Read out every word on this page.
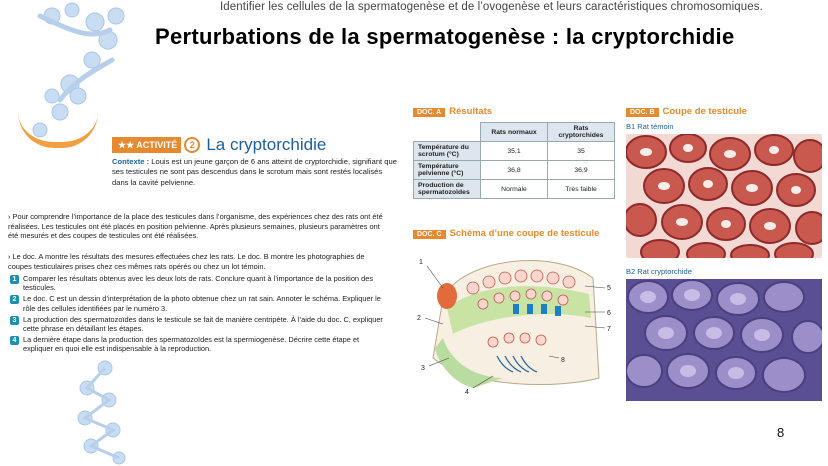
Identifier les cellules de la spermatogenèse et de l’ovogenèse et leurs caractéristiques chromosomiques.
Perturbations de la spermatogenèse : la cryptorchidie
★★ ACTIVITÉ	2 La cryptorchidie
Contexte : Louis est un jeune garçon de 6 ans atteint de cryptorchidie, signifiant que ses testicules ne sont pas descendus dans le scrotum mais sont restés localisés dans la cavité pelvienne.
› Pour comprendre l’importance de la place des testicules dans l’organisme, des expériences chez des rats ont été réalisées. Les testicules ont été placés en position pelvienne. Après plusieurs semaines, plusieurs paramètres ont été mesurés et des coupes de testicules ont été réalisées.
› Le doc. A montre les résultats des mesures effectuées chez les rats. Le doc. B montre les photographies de coupes testiculaires prises chez ces mêmes rats opérés ou chez un lot témoin.
1 Comparer les résultats obtenus avec les deux lots de rats. Conclure quant à l’importance de la position des testicules.
2 Le doc. C est un dessin d’interprétation de la photo obtenue chez un rat sain. Annoter le schéma. Expliquer le rôle des cellules identifiées par le numéro 3.
3 La production des spermatozoïdes dans le testicule se fait de manière centripète. À l’aide du doc. C, expliquer cette phrase en détaillant les étapes.
4 La dernière étape dans la production des spermatozoïdes est la spermiogenèse. Décrire cette étape et expliquer en quoi elle est indispensable à la reproduction.
DOC. A Résultats
	Rats normaux	Rats cryptorchides
Température du scrotum (°C)	35,1	35
Température pelvienne (°C)	36,8	36,9
Production de spermatozoïdes	Normale	Très faible
DOC. B Coupe de testicule
B1 Rat témoin
B2 Rat cryptorchide
DOC. C Schéma d’une coupe de testicule
1
2
3
4
5
6
7
8
8
